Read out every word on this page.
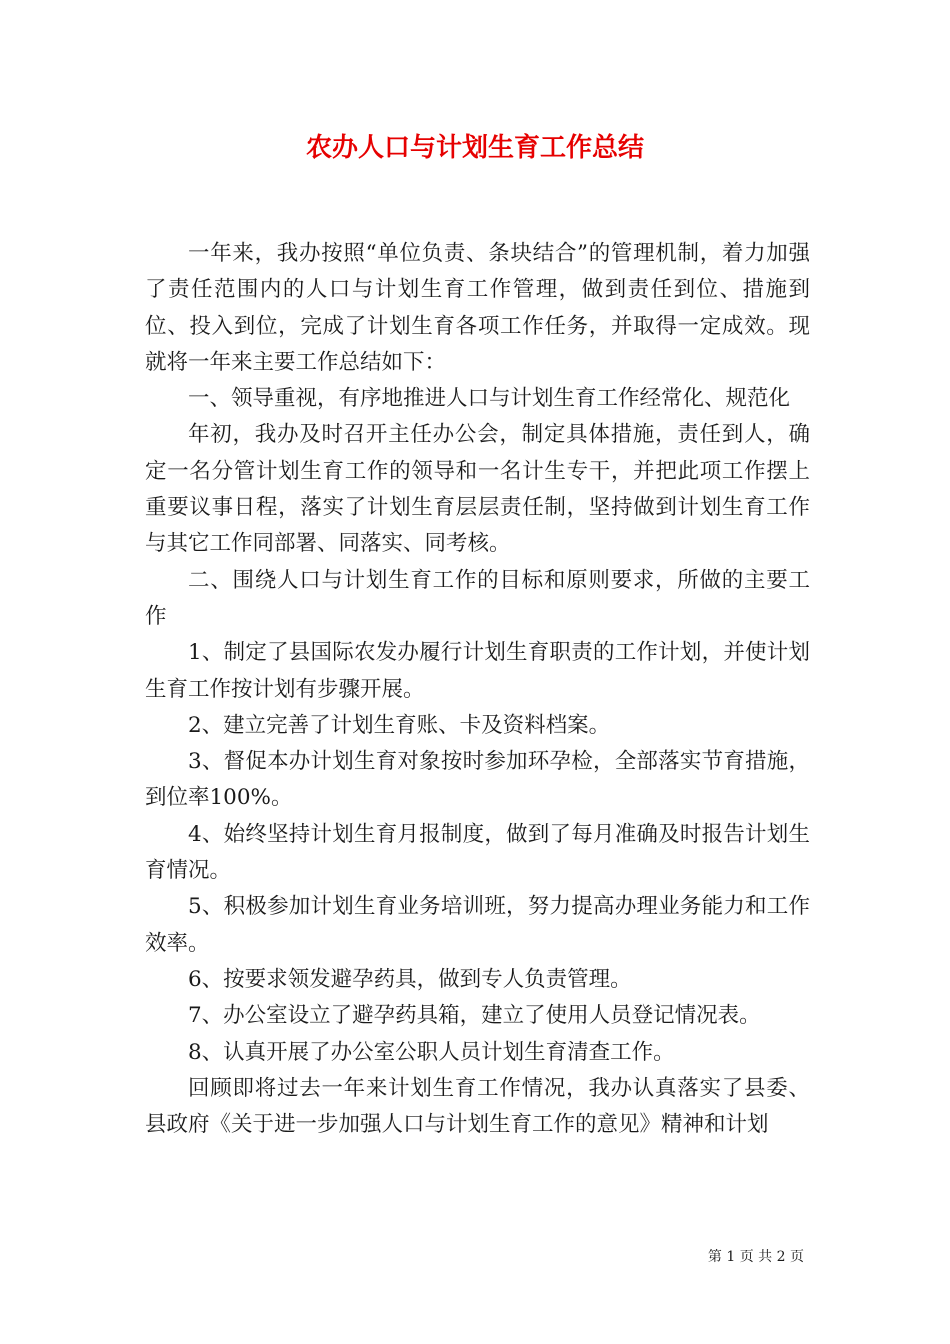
农办人口与计划生育工作总结

一年来，我办按照“单位负责、条块结合”的管理机制，着力加强了责任范围内的人口与计划生育工作管理，做到责任到位、措施到位、投入到位，完成了计划生育各项工作任务，并取得一定成效。现就将一年来主要工作总结如下：

一、领导重视，有序地推进人口与计划生育工作经常化、规范化

年初，我办及时召开主任办公会，制定具体措施，责任到人，确定一名分管计划生育工作的领导和一名计生专干，并把此项工作摆上重要议事日程，落实了计划生育层层责任制，坚持做到计划生育工作与其它工作同部署、同落实、同考核。

二、围绕人口与计划生育工作的目标和原则要求，所做的主要工作

1、制定了县国际农发办履行计划生育职责的工作计划，并使计划生育工作按计划有步骤开展。

2、建立完善了计划生育账、卡及资料档案。

3、督促本办计划生育对象按时参加环孕检，全部落实节育措施，到位率100%。

4、始终坚持计划生育月报制度，做到了每月准确及时报告计划生育情况。

5、积极参加计划生育业务培训班，努力提高办理业务能力和工作效率。

6、按要求领发避孕药具，做到专人负责管理。

7、办公室设立了避孕药具箱，建立了使用人员登记情况表。

8、认真开展了办公室公职人员计划生育清查工作。

回顾即将过去一年来计划生育工作情况，我办认真落实了县委、县政府《关于进一步加强人口与计划生育工作的意见》精神和计划

第 1 页 共 2 页
